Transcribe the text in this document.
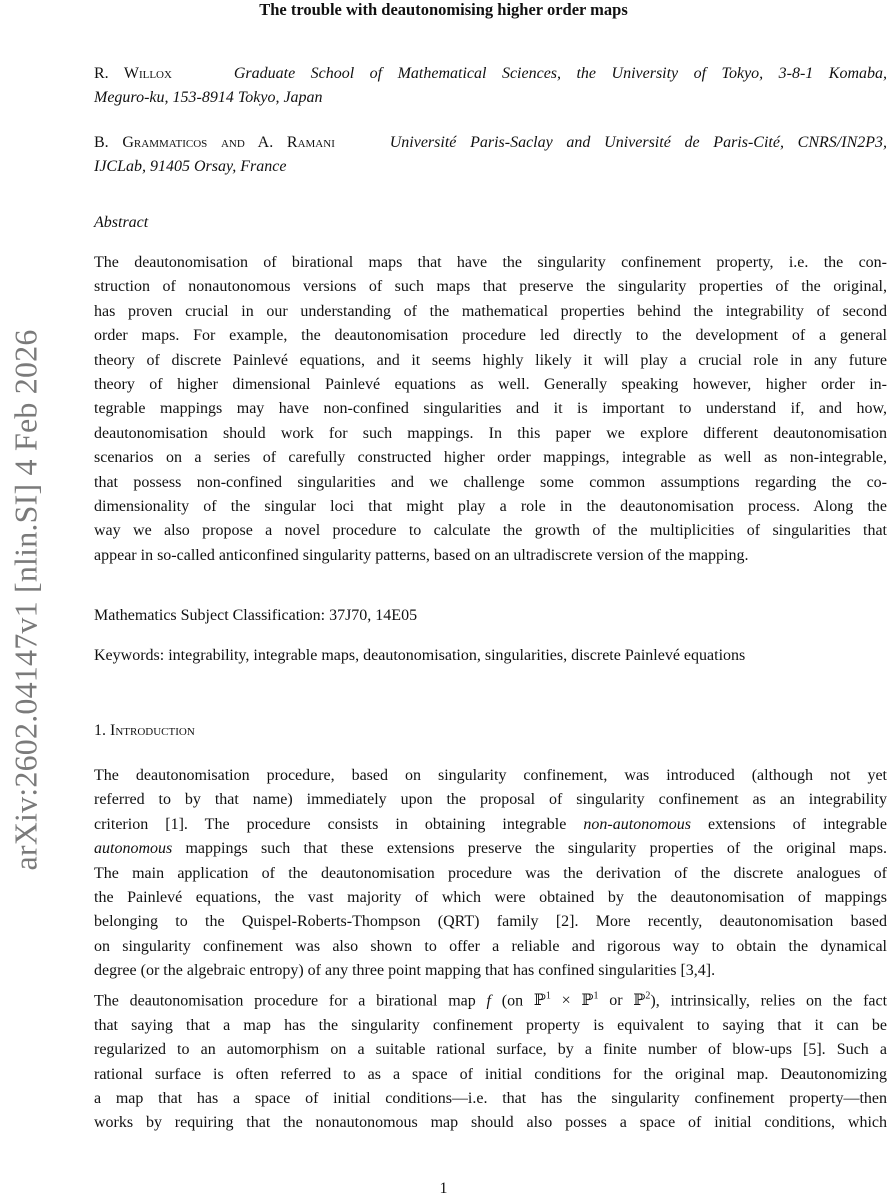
arXiv:2602.04147v1 [nlin.SI] 4 Feb 2026
The trouble with deautonomising higher order maps

R. Willox	Graduate School of Mathematical Sciences, the University of Tokyo, 3-8-1 Komaba,

Meguro-ku, 153-8914 Tokyo, Japan

B. Grammaticos and A. Ramani	Université Paris-Saclay and Université de Paris-Cité, CNRS/IN2P3,

IJCLab, 91405 Orsay, France

Abstract

The deautonomisation of birational maps that have the singularity confinement property, i.e. the con-

struction of nonautonomous versions of such maps that preserve the singularity properties of the original,

has proven crucial in our understanding of the mathematical properties behind the integrability of second

order maps. For example, the deautonomisation procedure led directly to the development of a general

theory of discrete Painlevé equations, and it seems highly likely it will play a crucial role in any future

theory of higher dimensional Painlevé equations as well. Generally speaking however, higher order in-

tegrable mappings may have non-confined singularities and it is important to understand if, and how,

deautonomisation should work for such mappings. In this paper we explore different deautonomisation

scenarios on a series of carefully constructed higher order mappings, integrable as well as non-integrable,

that possess non-confined singularities and we challenge some common assumptions regarding the co-

dimensionality of the singular loci that might play a role in the deautonomisation process. Along the

way we also propose a novel procedure to calculate the growth of the multiplicities of singularities that

appear in so-called anticonfined singularity patterns, based on an ultradiscrete version of the mapping.

Mathematics Subject Classification: 37J70, 14E05

Keywords: integrability, integrable maps, deautonomisation, singularities, discrete Painlevé equations

1. Introduction

The deautonomisation procedure, based on singularity confinement, was introduced (although not yet

referred to by that name) immediately upon the proposal of singularity confinement as an integrability

criterion [1]. The procedure consists in obtaining integrable non-autonomous extensions of integrable

autonomous mappings such that these extensions preserve the singularity properties of the original maps.

The main application of the deautonomisation procedure was the derivation of the discrete analogues of

the Painlevé equations, the vast majority of which were obtained by the deautonomisation of mappings

belonging to the Quispel-Roberts-Thompson (QRT) family [2]. More recently, deautonomisation based

on singularity confinement was also shown to offer a reliable and rigorous way to obtain the dynamical

degree (or the algebraic entropy) of any three point mapping that has confined singularities [3,4].

The deautonomisation procedure for a birational map f (on ℙ$^1$ × ℙ$^1$ or ℙ$^2$), intrinsically, relies on the fact

that saying that a map has the singularity confinement property is equivalent to saying that it can be

regularized to an automorphism on a suitable rational surface, by a finite number of blow-ups [5]. Such a

rational surface is often referred to as a space of initial conditions for the original map. Deautonomizing

a map that has a space of initial conditions—i.e. that has the singularity confinement property—then

works by requiring that the nonautonomous map should also posses a space of initial conditions, which

1
